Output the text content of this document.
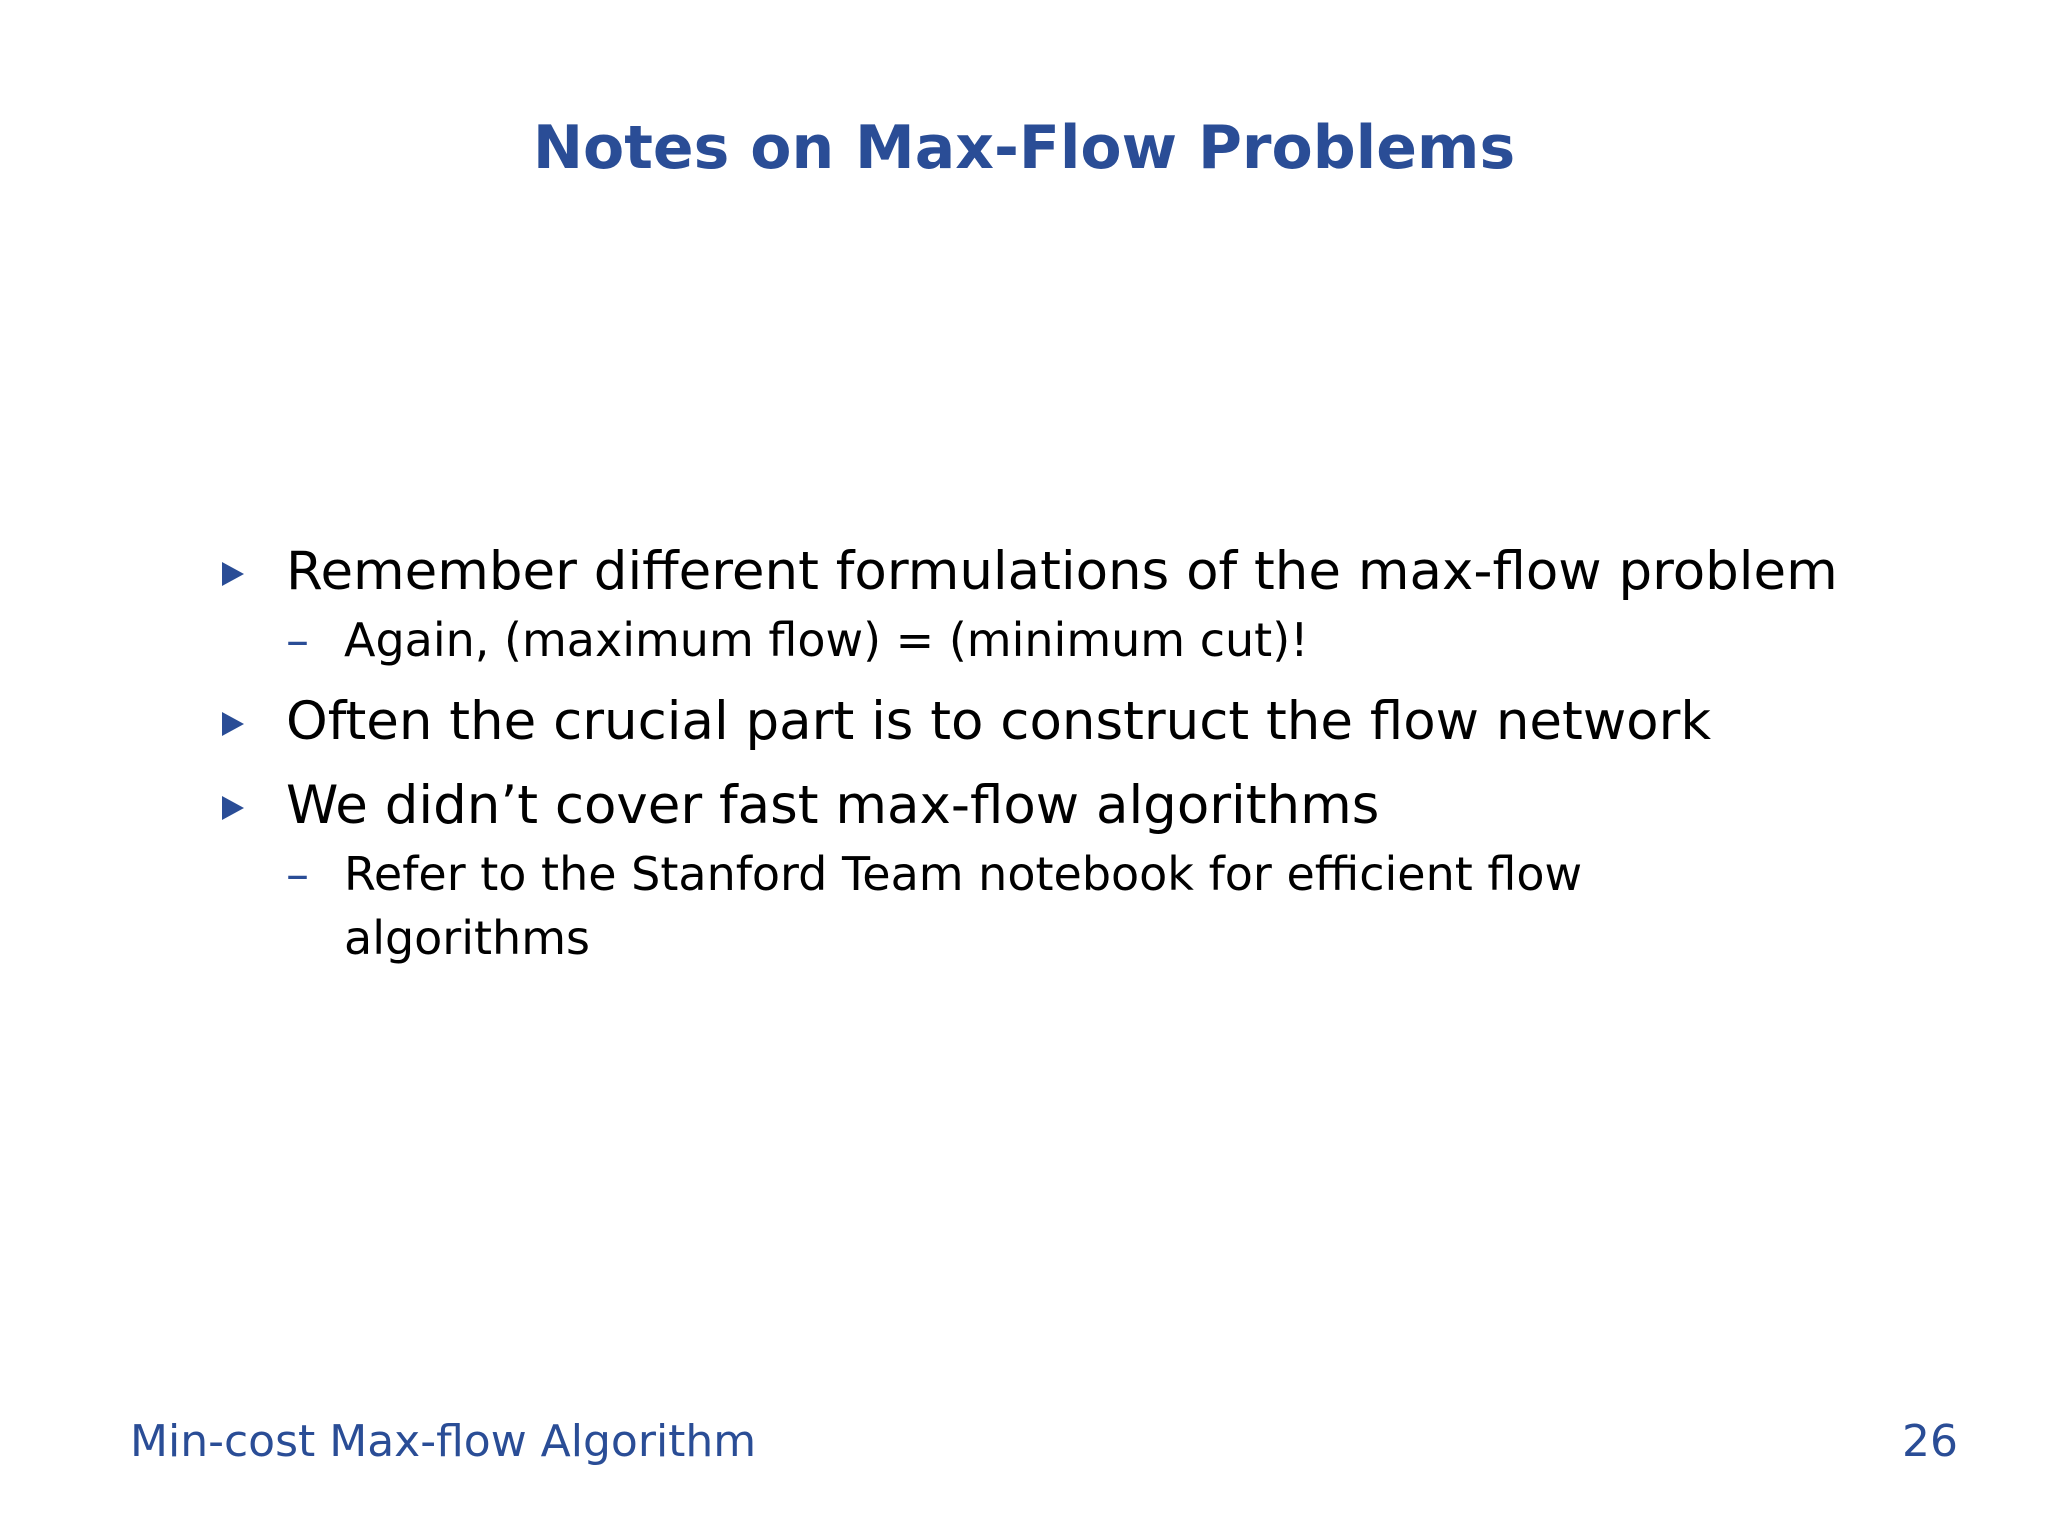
Notes on Max-Flow Problems
Remember different formulations of the max-flow problem
– Again, (maximum flow) = (minimum cut)!
Often the crucial part is to construct the flow network
We didn’t cover fast max-flow algorithms
– Refer to the Stanford Team notebook for efficient flow algorithms
Min-cost Max-flow Algorithm	26
